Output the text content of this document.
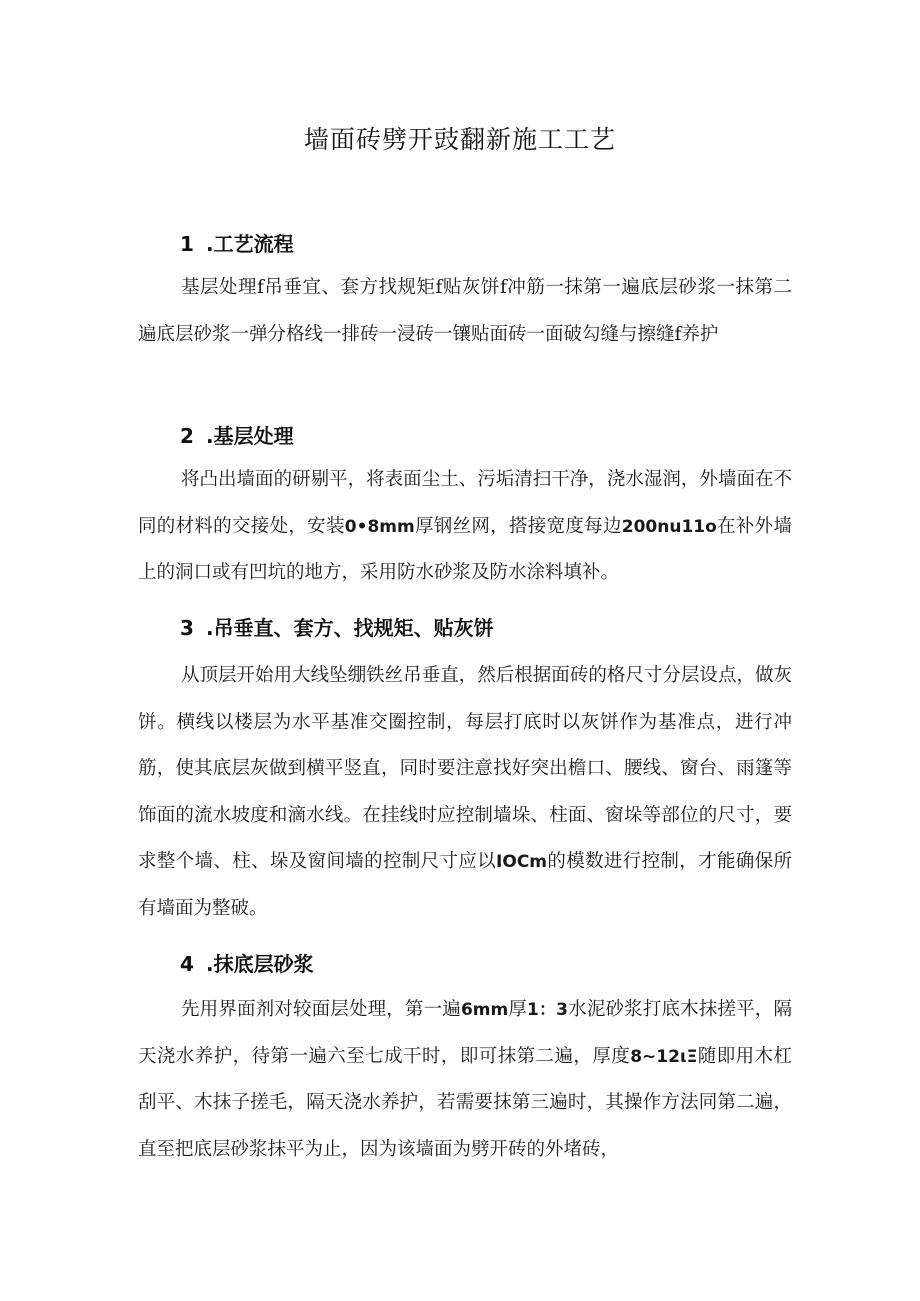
墙面砖劈开豉翻新施工工艺
1 .工艺流程

基层处理f吊垂宜、套方找规矩f贴灰饼f冲筋一抹第一遍底层砂浆一抹第二遍底层砂浆一弹分格线一排砖一浸砖一镶贴面砖一面破勾缝与擦缝f养护

2 .基层处理

将凸出墙面的研剔平，将表面尘土、污垢清扫干净，浇水湿润，外墙面在不同的材料的交接处，安装0•8mm厚钢丝网，搭接宽度每边200nu11o在补外墙上的洞口或有凹坑的地方，采用防水砂浆及防水涂料填补。

3 .吊垂直、套方、找规矩、贴灰饼

从顶层开始用大线坠绷铁丝吊垂直，然后根据面砖的格尺寸分层设点，做灰饼。横线以楼层为水平基准交圈控制，每层打底时以灰饼作为基准点，进行冲筋，使其底层灰做到横平竖直，同时要注意找好突出檐口、腰线、窗台、雨篷等饰面的流水坡度和滴水线。在挂线时应控制墙垛、柱面、窗垛等部位的尺寸，要求整个墙、柱、垛及窗间墙的控制尺寸应以IOCm的模数进行控制，才能确保所有墙面为整破。

4 .抹底层砂浆

先用界面剂对较面层处理，第一遍6mm厚1：3水泥砂浆打底木抹搓平，隔天浇水养护，待第一遍六至七成干时，即可抹第二遍，厚度8~12ιΞ随即用木杠刮平、木抹子搓毛，隔天浇水养护，若需要抹第三遍时，其操作方法同第二遍，直至把底层砂浆抹平为止，因为该墙面为劈开砖的外堵砖，
